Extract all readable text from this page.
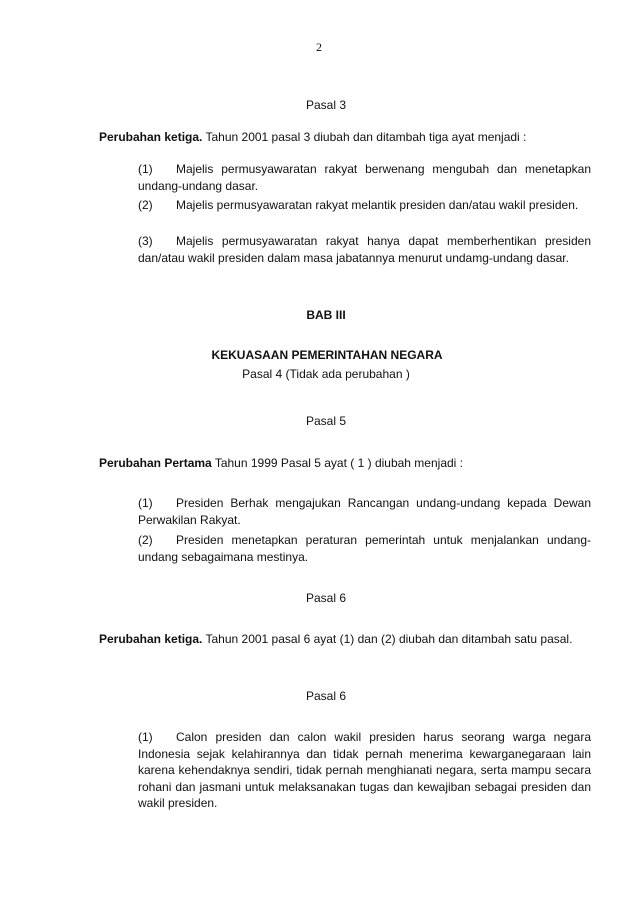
2
Pasal 3
Perubahan ketiga. Tahun 2001 pasal 3 diubah dan ditambah tiga ayat menjadi :
(1) Majelis permusyawaratan rakyat berwenang mengubah dan menetapkan undang-undang dasar.
(2) Majelis permusyawaratan rakyat melantik presiden dan/atau wakil presiden.
(3) Majelis permusyawaratan rakyat hanya dapat memberhentikan presiden dan/atau wakil presiden dalam masa jabatannya menurut undamg-undang dasar.
BAB III
KEKUASAAN PEMERINTAHAN NEGARA
Pasal 4 (Tidak ada perubahan )
Pasal 5
Perubahan Pertama Tahun 1999 Pasal 5 ayat ( 1 ) diubah menjadi :
(1) Presiden Berhak mengajukan Rancangan undang-undang kepada Dewan Perwakilan Rakyat.
(2) Presiden menetapkan peraturan pemerintah untuk menjalankan undang-undang sebagaimana mestinya.
Pasal 6
Perubahan ketiga. Tahun 2001 pasal 6 ayat (1) dan (2) diubah dan ditambah satu pasal.
Pasal 6
(1) Calon presiden dan calon wakil presiden harus seorang warga negara Indonesia sejak kelahirannya dan tidak pernah menerima kewarganegaraan lain karena kehendaknya sendiri, tidak pernah menghianati negara, serta mampu secara rohani dan jasmani untuk melaksanakan tugas dan kewajiban sebagai presiden dan wakil presiden.
